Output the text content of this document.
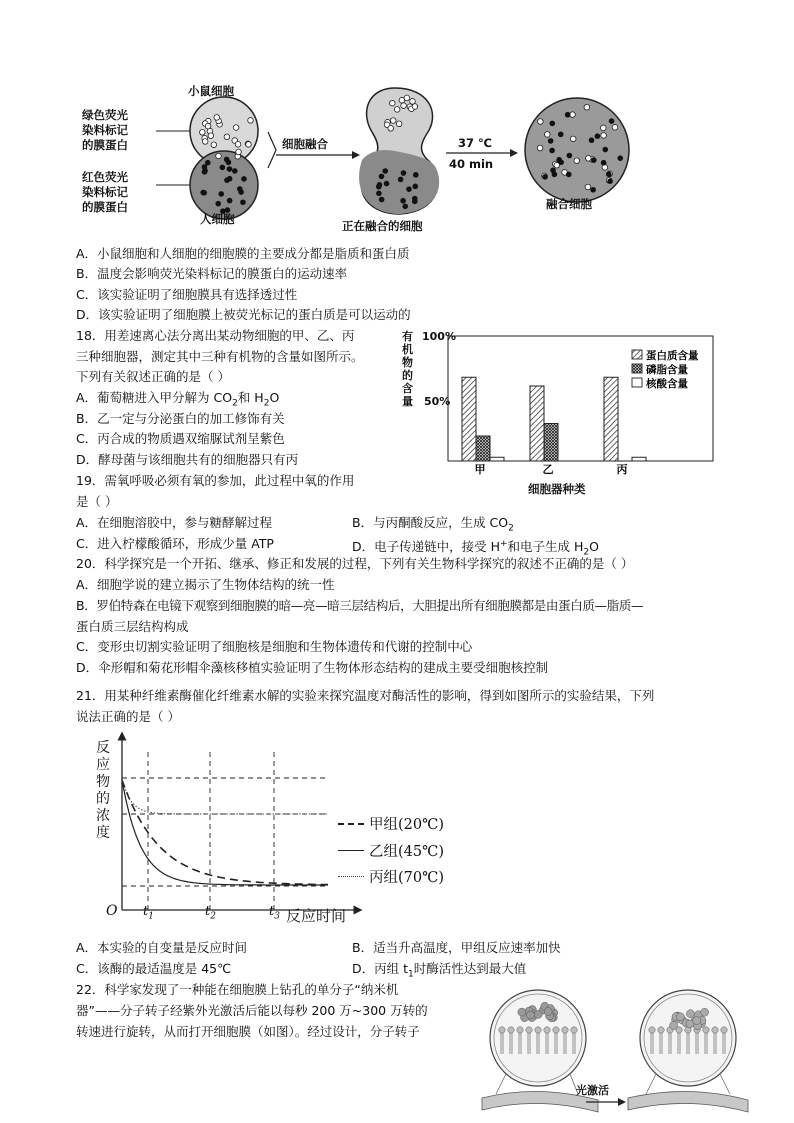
小鼠细胞
绿色荧光
染料标记
的膜蛋白
红色荧光
染料标记
的膜蛋白
人细胞
细胞融合
正在融合的细胞
37 ℃
40 min
融合细胞
A．小鼠细胞和人细胞的细胞膜的主要成分都是脂质和蛋白质
B．温度会影响荧光染料标记的膜蛋白的运动速率
C．该实验证明了细胞膜具有选择透过性
D．该实验证明了细胞膜上被荧光标记的蛋白质是可以运动的
18．用差速离心法分离出某动物细胞的甲、乙、丙
三种细胞器，测定其中三种有机物的含量如图所示。
下列有关叙述正确的是（ ）
A．葡萄糖进入甲分解为 $CO_2$和 $H_2O$
B．乙一定与分泌蛋白的加工修饰有关
C．丙合成的物质遇双缩脲试剂呈紫色
D．酵母菌与该细胞共有的细胞器只有丙
甲	乙	丙
蛋白质含量
磷脂含量
核酸含量
有
机
物
的
含
量
100%
50%
细胞器种类
19．需氧呼吸必须有氧的参加，此过程中氧的作用
是（ ）
A．在细胞溶胶中，参与糖酵解过程	B．与丙酮酸反应，生成 $CO_2$
C．进入柠檬酸循环，形成少量 ATP	D．电子传递链中，接受 H+和电子生成 $H_2O$
20．科学探究是一个开拓、继承、修正和发展的过程，下列有关生物科学探究的叙述不正确的是（ ）
A．细胞学说的建立揭示了生物体结构的统一性
B．罗伯特森在电镜下观察到细胞膜的暗—亮—暗三层结构后，大胆提出所有细胞膜都是由蛋白质—脂质—
蛋白质三层结构构成
C．变形虫切割实验证明了细胞核是细胞和生物体遗传和代谢的控制中心
D．伞形帽和菊花形帽伞藻核移植实验证明了生物体形态结构的建成主要受细胞核控制
21．用某种纤维素酶催化纤维素水解的实验来探究温度对酶活性的影响，得到如图所示的实验结果，下列
说法正确的是（ ）
反
应
物
的
浓
度
O $t_1$	$t_2$	$t_3$ 反应时间
甲组(20℃)
乙组(45℃)
丙组(70℃)
A．本实验的自变量是反应时间	B．适当升高温度，甲组反应速率加快
C．该酶的最适温度是 45℃	D．丙组 $t_1$时酶活性达到最大值
22．科学家发现了一种能在细胞膜上钻孔的单分子“纳米机
器”——分子转子经紫外光激活后能以每秒 200 万~300 万转的
转速进行旋转，从而打开细胞膜（如图）。经过设计，分子转子
光激活
